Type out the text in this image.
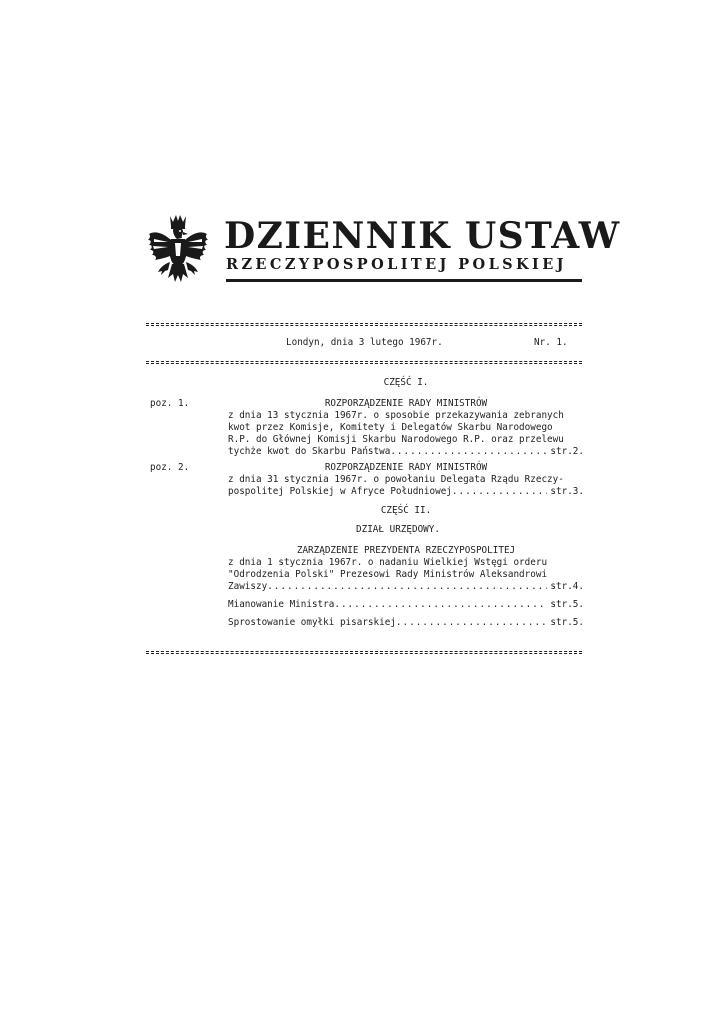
DZIENNIK USTAW
RZECZYPOSPOLITEJ POLSKIEJ
Londyn, dnia 3 lutego 1967r.	Nr. 1.
CZĘŚĆ I.
poz. 1.	ROZPORZĄDZENIE RADY MINISTRÓW
z dnia 13 stycznia 1967r. o sposobie przekazywania zebranych
kwot przez Komisje, Komitety i Delegatów Skarbu Narodowego
R.P. do Głównej Komisji Skarbu Narodowego R.P. oraz przelewu
tychże kwot do Skarbu Państwa .....	str.2.
poz. 2.	ROZPORZĄDZENIE RADY MINISTRÓW
z dnia 31 stycznia 1967r. o powołaniu Delegata Rządu Rzeczy-
pospolitej Polskiej w Afryce Południowej .....	str.3.
CZĘŚĆ II.
DZIAŁ URZĘDOWY.
ZARZĄDZENIE PREZYDENTA RZECZYPOSPOLITEJ
z dnia 1 stycznia 1967r. o nadaniu Wielkiej Wstęgi orderu
"Odrodzenia Polski" Prezesowi Rady Ministrów Aleksandrowi
Zawiszy .....	str.4.
Mianowanie Ministra .....	str.5.
Sprostowanie omyłki pisarskiej .....	str.5.
